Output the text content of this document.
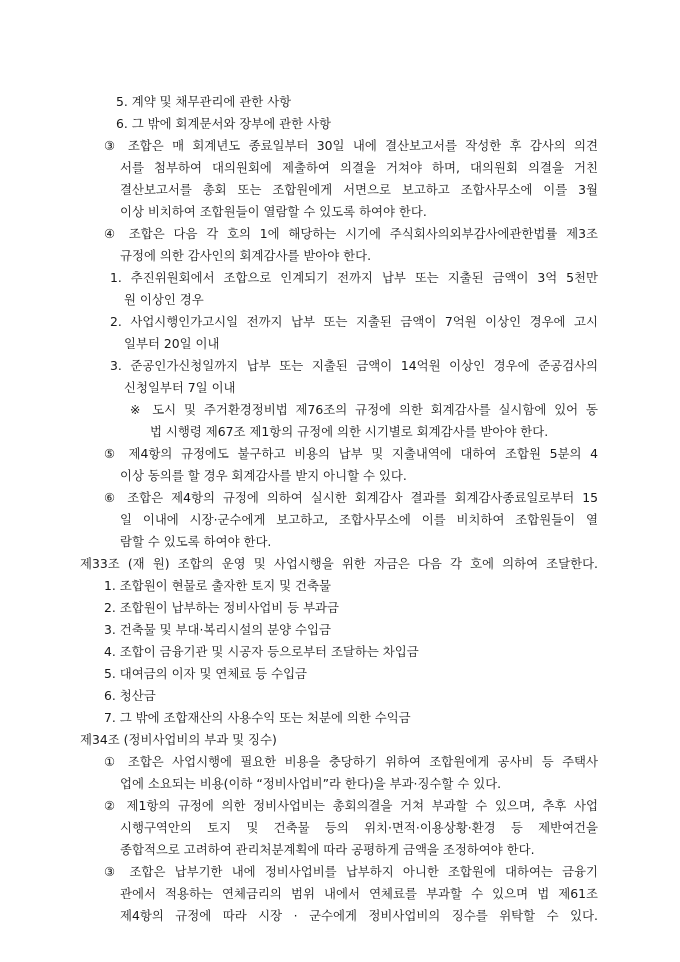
5. 계약 및 채무관리에 관한 사항
6. 그 밖에 회계문서와 장부에 관한 사항
③ 조합은 매 회계년도 종료일부터 30일 내에 결산보고서를 작성한 후 감사의 의견
서를 첨부하여 대의원회에 제출하여 의결을 거쳐야 하며, 대의원회 의결을 거친
결산보고서를 총회 또는 조합원에게 서면으로 보고하고 조합사무소에 이를 3월
이상 비치하여 조합원들이 열람할 수 있도록 하여야 한다.
④ 조합은 다음 각 호의 1에 해당하는 시기에 주식회사의외부감사에관한법률 제3조
규정에 의한 감사인의 회계감사를 받아야 한다.
1. 추진위원회에서 조합으로 인계되기 전까지 납부 또는 지출된 금액이 3억 5천만
원 이상인 경우
2. 사업시행인가고시일 전까지 납부 또는 지출된 금액이 7억원 이상인 경우에 고시
일부터 20일 이내
3. 준공인가신청일까지 납부 또는 지출된 금액이 14억원 이상인 경우에 준공검사의
신청일부터 7일 이내
※ 도시 및 주거환경정비법 제76조의 규정에 의한 회계감사를 실시함에 있어 동
법 시행령 제67조 제1항의 규정에 의한 시기별로 회계감사를 받아야 한다.
⑤ 제4항의 규정에도 불구하고 비용의 납부 및 지출내역에 대하여 조합원 5분의 4
이상 동의를 할 경우 회계감사를 받지 아니할 수 있다.
⑥ 조합은 제4항의 규정에 의하여 실시한 회계감사 결과를 회계감사종료일로부터 15
일 이내에 시장·군수에게 보고하고, 조합사무소에 이를 비치하여 조합원들이 열
람할 수 있도록 하여야 한다.
제33조 (재 원) 조합의 운영 및 사업시행을 위한 자금은 다음 각 호에 의하여 조달한다.
1. 조합원이 현물로 출자한 토지 및 건축물
2. 조합원이 납부하는 정비사업비 등 부과금
3. 건축물 및 부대·복리시설의 분양 수입금
4. 조합이 금융기관 및 시공자 등으로부터 조달하는 차입금
5. 대여금의 이자 및 연체료 등 수입금
6. 청산금
7. 그 밖에 조합재산의 사용수익 또는 처분에 의한 수익금
제34조 (정비사업비의 부과 및 징수)
① 조합은 사업시행에 필요한 비용을 충당하기 위하여 조합원에게 공사비 등 주택사
업에 소요되는 비용(이하 “정비사업비”라 한다)을 부과·징수할 수 있다.
② 제1항의 규정에 의한 정비사업비는 총회의결을 거쳐 부과할 수 있으며, 추후 사업
시행구역안의 토지 및 건축물 등의 위치·면적·이용상황·환경 등 제반여건을
종합적으로 고려하여 관리처분계획에 따라 공평하게 금액을 조정하여야 한다.
③ 조합은 납부기한 내에 정비사업비를 납부하지 아니한 조합원에 대하여는 금융기
관에서 적용하는 연체금리의 범위 내에서 연체료를 부과할 수 있으며 법 제61조
제4항의 규정에 따라 시장 · 군수에게 정비사업비의 징수를 위탁할 수 있다.
